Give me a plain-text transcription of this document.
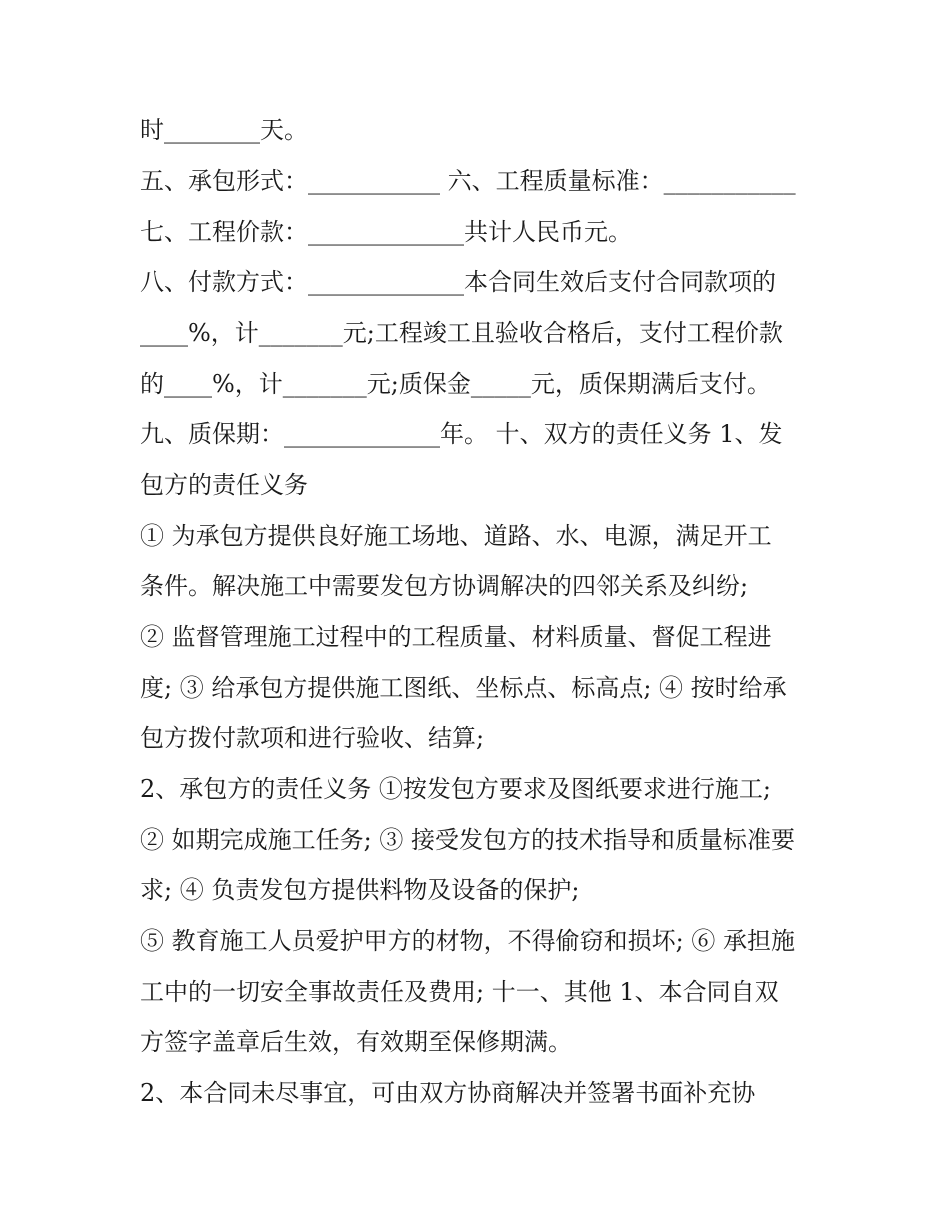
时________天。
五、承包形式：___________ 六、工程质量标准：___________
七、工程价款：_____________共计人民币元。
八、付款方式：_____________本合同生效后支付合同款项的
____%，计_______元;工程竣工且验收合格后，支付工程价款
的____%，计_______元;质保金_____元，质保期满后支付。
九、质保期：_____________年。 十、双方的责任义务 1、发
包方的责任义务
① 为承包方提供良好施工场地、道路、水、电源，满足开工
条件。解决施工中需要发包方协调解决的四邻关系及纠纷;
② 监督管理施工过程中的工程质量、材料质量、督促工程进
度; ③ 给承包方提供施工图纸、坐标点、标高点; ④ 按时给承
包方拨付款项和进行验收、结算;
2、承包方的责任义务 ①按发包方要求及图纸要求进行施工;
② 如期完成施工任务; ③ 接受发包方的技术指导和质量标准要
求; ④ 负责发包方提供料物及设备的保护;
⑤ 教育施工人员爱护甲方的材物，不得偷窃和损坏; ⑥ 承担施
工中的一切安全事故责任及费用; 十一、其他 1、本合同自双
方签字盖章后生效，有效期至保修期满。
2、本合同未尽事宜，可由双方协商解决并签署书面补充协
